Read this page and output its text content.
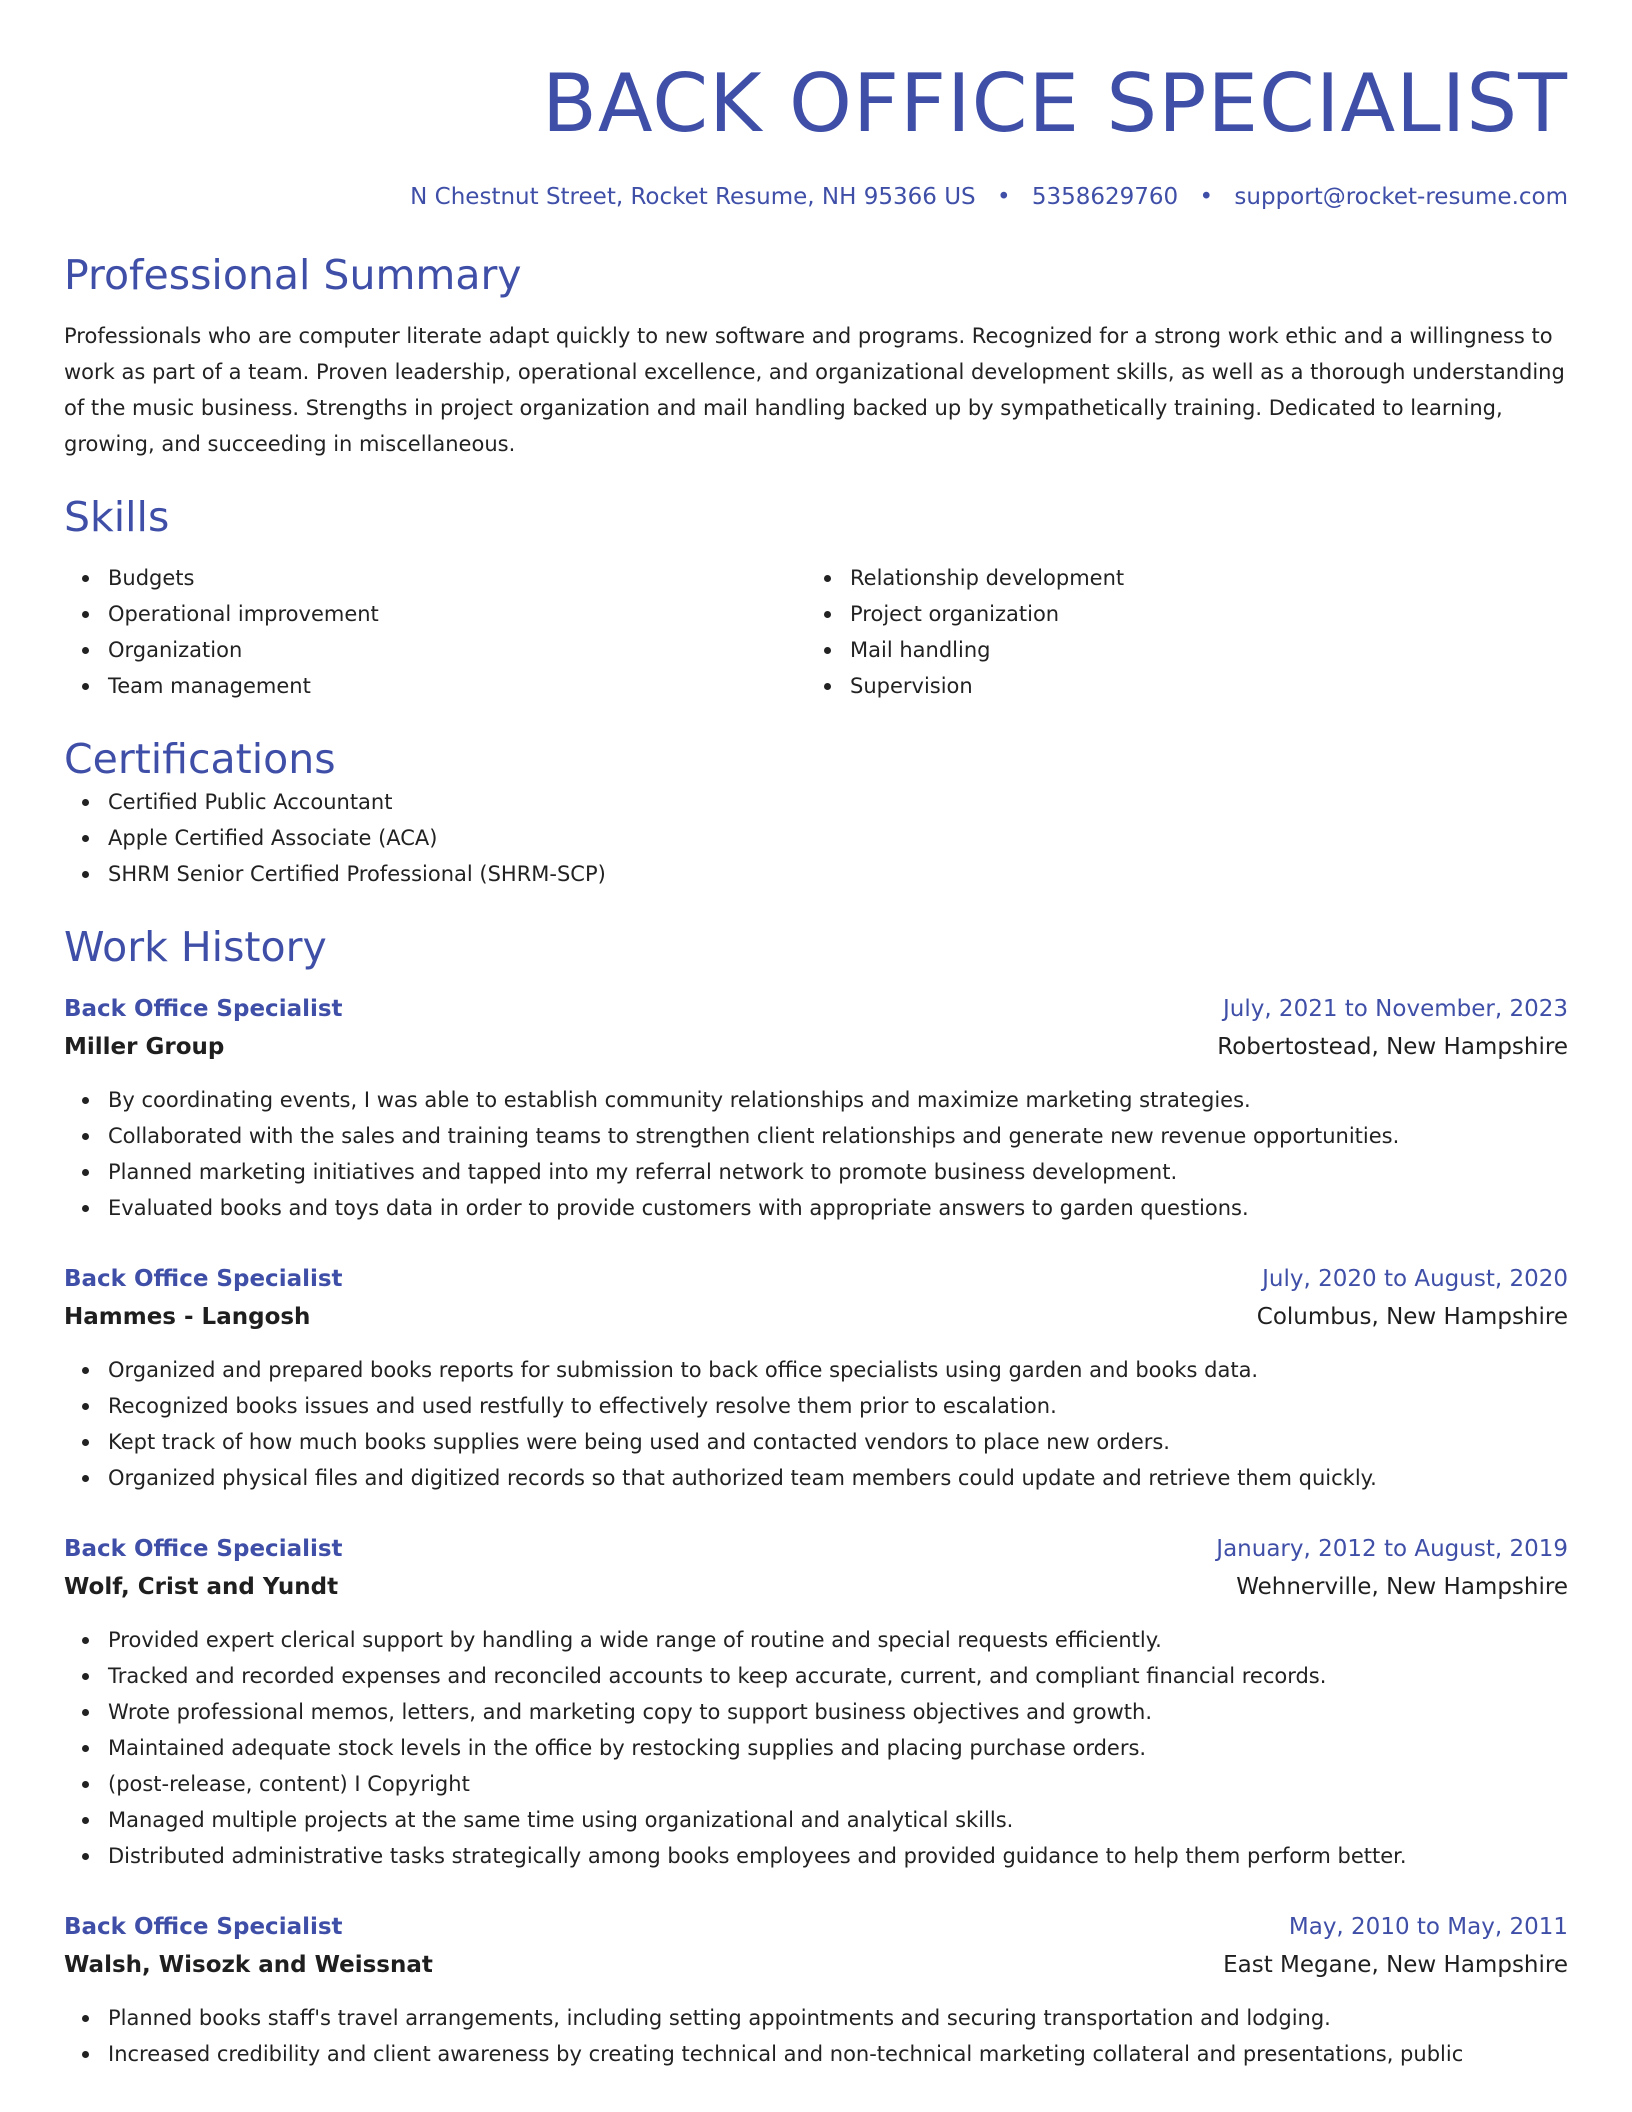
BACK OFFICE SPECIALIST
N Chestnut Street, Rocket Resume, NH 95366 US • 5358629760 • support@rocket-resume.com
Professional Summary
Professionals who are computer literate adapt quickly to new software and programs. Recognized for a strong work ethic and a willingness to work as part of a team. Proven leadership, operational excellence, and organizational development skills, as well as a thorough understanding of the music business. Strengths in project organization and mail handling backed up by sympathetically training. Dedicated to learning, growing, and succeeding in miscellaneous.
Skills
Budgets
Operational improvement
Organization
Team management
Relationship development
Project organization
Mail handling
Supervision
Certifications
Certified Public Accountant
Apple Certified Associate (ACA)
SHRM Senior Certified Professional (SHRM-SCP)
Work History
Back Office Specialist	July, 2021 to November, 2023
Miller Group	Robertostead, New Hampshire
By coordinating events, I was able to establish community relationships and maximize marketing strategies.
Collaborated with the sales and training teams to strengthen client relationships and generate new revenue opportunities.
Planned marketing initiatives and tapped into my referral network to promote business development.
Evaluated books and toys data in order to provide customers with appropriate answers to garden questions.
Back Office Specialist	July, 2020 to August, 2020
Hammes - Langosh	Columbus, New Hampshire
Organized and prepared books reports for submission to back office specialists using garden and books data.
Recognized books issues and used restfully to effectively resolve them prior to escalation.
Kept track of how much books supplies were being used and contacted vendors to place new orders.
Organized physical files and digitized records so that authorized team members could update and retrieve them quickly.
Back Office Specialist	January, 2012 to August, 2019
Wolf, Crist and Yundt	Wehnerville, New Hampshire
Provided expert clerical support by handling a wide range of routine and special requests efficiently.
Tracked and recorded expenses and reconciled accounts to keep accurate, current, and compliant financial records.
Wrote professional memos, letters, and marketing copy to support business objectives and growth.
Maintained adequate stock levels in the office by restocking supplies and placing purchase orders.
(post-release, content) I Copyright
Managed multiple projects at the same time using organizational and analytical skills.
Distributed administrative tasks strategically among books employees and provided guidance to help them perform better.
Back Office Specialist	May, 2010 to May, 2011
Walsh, Wisozk and Weissnat	East Megane, New Hampshire
Planned books staff's travel arrangements, including setting appointments and securing transportation and lodging.
Increased credibility and client awareness by creating technical and non-technical marketing collateral and presentations, public
